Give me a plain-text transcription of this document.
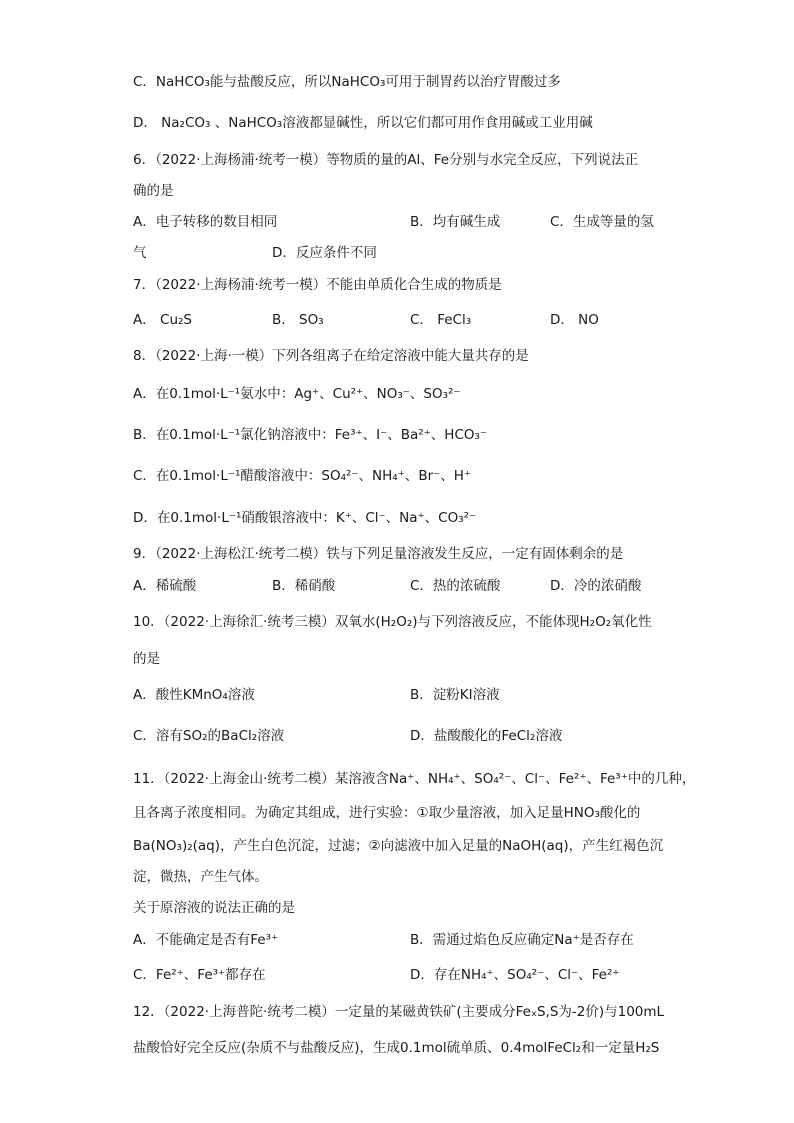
C．NaHCO₃能与盐酸反应，所以NaHCO₃可用于制胃药以治疗胃酸过多
D． Na₂CO₃ 、NaHCO₃溶液都显碱性，所以它们都可用作食用碱或工业用碱
6．（2022·上海杨浦·统考一模）等物质的量的Al、Fe分别与水完全反应，下列说法正
确的是
A．电子转移的数目相同	B．均有碱生成	C．生成等量的氢
气	D．反应条件不同
7．（2022·上海杨浦·统考一模）不能由单质化合生成的物质是
A． Cu₂S	B． SO₃	C． FeCl₃	D． NO
8．（2022·上海·一模）下列各组离子在给定溶液中能大量共存的是
A．在0.1mol·L⁻¹氨水中：Ag⁺、Cu²⁺、NO₃⁻、SO₃²⁻
B．在0.1mol·L⁻¹氯化钠溶液中：Fe³⁺、I⁻、Ba²⁺、HCO₃⁻
C．在0.1mol·L⁻¹醋酸溶液中：SO₄²⁻、NH₄⁺、Br⁻、H⁺
D．在0.1mol·L⁻¹硝酸银溶液中：K⁺、Cl⁻、Na⁺、CO₃²⁻
9．（2022·上海松江·统考二模）铁与下列足量溶液发生反应，一定有固体剩余的是
A．稀硫酸	B．稀硝酸	C．热的浓硫酸	D．冷的浓硝酸
10．（2022·上海徐汇·统考三模）双氧水(H₂O₂)与下列溶液反应，不能体现H₂O₂氧化性
的是
A．酸性KMnO₄溶液	B．淀粉KI溶液
C．溶有SO₂的BaCl₂溶液	D．盐酸酸化的FeCl₂溶液
11．（2022·上海金山·统考二模）某溶液含Na⁺、NH₄⁺、SO₄²⁻、Cl⁻、Fe²⁺、Fe³⁺中的几种，
且各离子浓度相同。为确定其组成，进行实验：①取少量溶液，加入足量HNO₃酸化的
Ba(NO₃)₂(aq)，产生白色沉淀，过滤；②向滤液中加入足量的NaOH(aq)，产生红褐色沉
淀，微热，产生气体。
关于原溶液的说法正确的是
A．不能确定是否有Fe³⁺	B．需通过焰色反应确定Na⁺是否存在
C．Fe²⁺、Fe³⁺都存在	D．存在NH₄⁺、SO₄²⁻、Cl⁻、Fe²⁺
12．（2022·上海普陀·统考二模）一定量的某磁黄铁矿(主要成分FeₓS,S为-2价)与100mL
盐酸恰好完全反应(杂质不与盐酸反应)，生成0.1mol硫单质、0.4molFeCl₂和一定量H₂S
